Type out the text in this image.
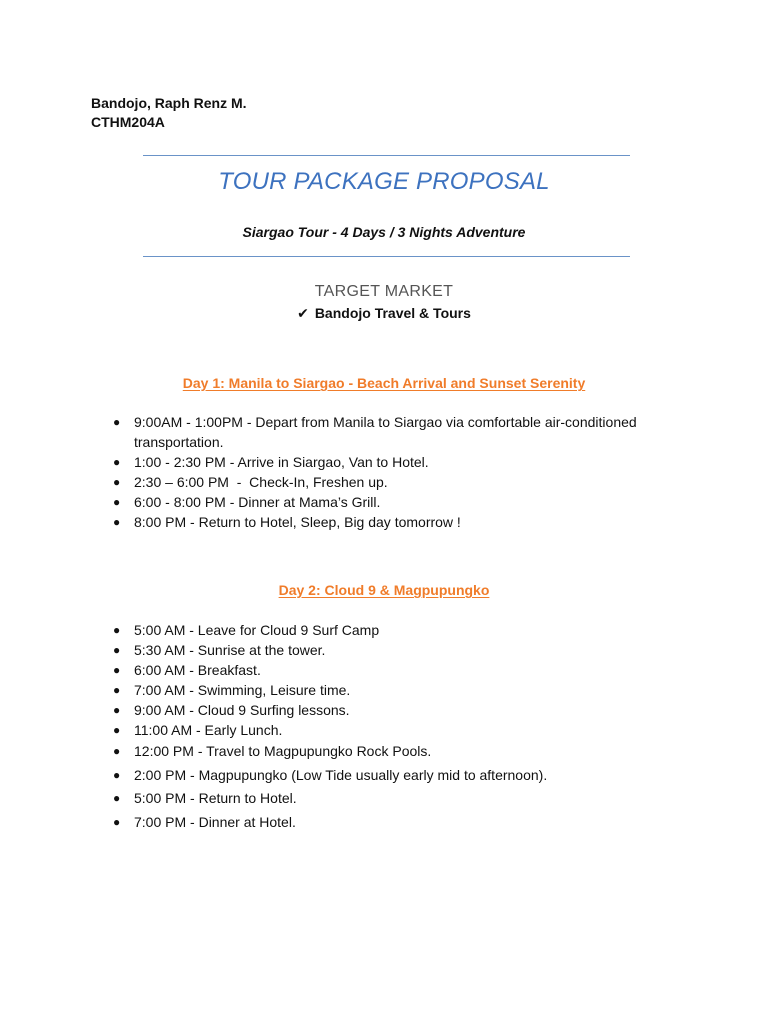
Bandojo, Raph Renz M.
CTHM204A
TOUR PACKAGE PROPOSAL
Siargao Tour - 4 Days / 3 Nights Adventure
TARGET MARKET
✔ Bandojo Travel & Tours
Day 1: Manila to Siargao - Beach Arrival and Sunset Serenity
● 9:00AM - 1:00PM - Depart from Manila to Siargao via comfortable air-conditioned transportation.
● 1:00 - 2:30 PM - Arrive in Siargao, Van to Hotel.
● 2:30 – 6:00 PM  -  Check-In, Freshen up.
● 6:00 - 8:00 PM - Dinner at Mama’s Grill.
● 8:00 PM - Return to Hotel, Sleep, Big day tomorrow !
Day 2: Cloud 9 & Magpupungko
● 5:00 AM - Leave for Cloud 9 Surf Camp
● 5:30 AM - Sunrise at the tower.
● 6:00 AM - Breakfast.
● 7:00 AM - Swimming, Leisure time.
● 9:00 AM - Cloud 9 Surfing lessons.
● 11:00 AM - Early Lunch.
● 12:00 PM - Travel to Magpupungko Rock Pools.
● 2:00 PM - Magpupungko (Low Tide usually early mid to afternoon).
● 5:00 PM - Return to Hotel.
● 7:00 PM - Dinner at Hotel.
